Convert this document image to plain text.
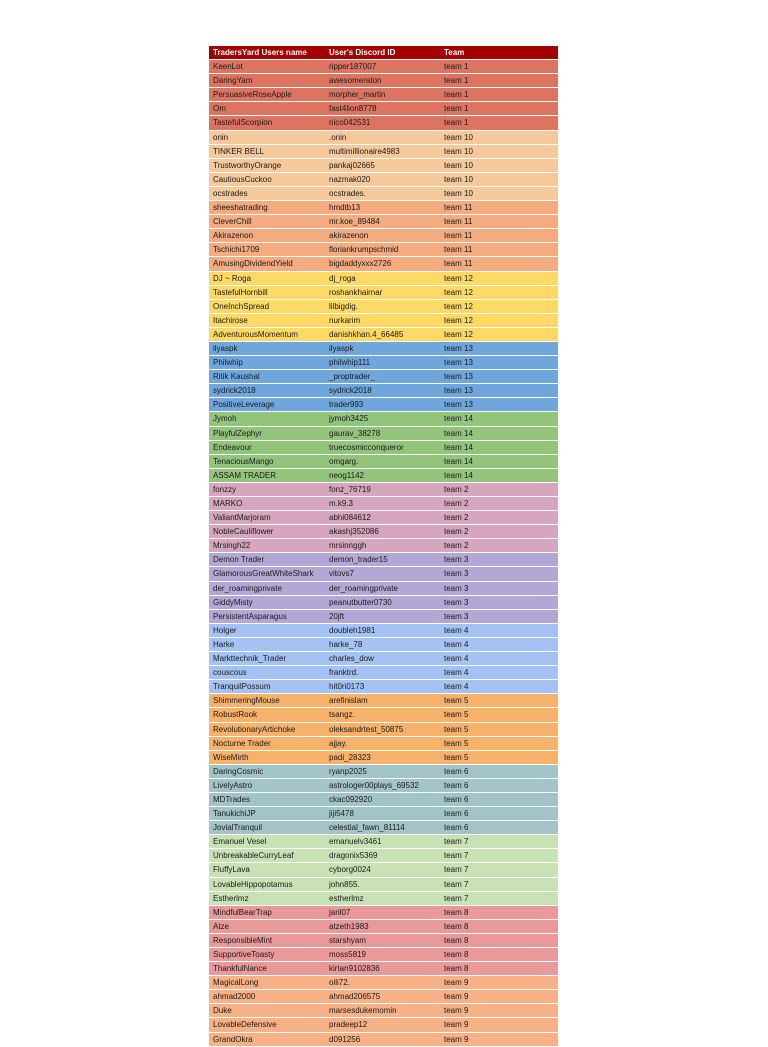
TradersYard Users name	User's Discord ID	Team
KeenLot	ripper187007	team 1
DaringYam	awesomeraton	team 1
PersuasiveRoseApple	morpher_martin	team 1
Om	fast4lion8778	team 1
TastefulScorpion	nico042531	team 1
onin	.onin	team 10
TINKER BELL	multimillionaire4983	team 10
TrustworthyOrange	pankaj02665	team 10
CautiousCuckoo	nazmak020	team 10
ocstrades	ocstrades.	team 10
sheeshatrading	hmdtb13	team 11
CleverChill	mr.koe_89484	team 11
Akirazenon	akirazenon	team 11
Tschichi1709	floriankrumpschmid	team 11
AmusingDividendYield	bigdaddyxxx2726	team 11
DJ ~ Roga	dj_roga	team 12
TastefulHornbill	roshankhairnar	team 12
OneInchSpread	lilbigdig.	team 12
Itachirose	nurkarim	team 12
AdventurousMomentum	danishkhan.4_66485	team 12
ilyaspk	ilyaspk	team 13
Philwhip	philwhip111	team 13
Ritik Kaushal	_proptrader_	team 13
sydrick2018	sydrick2018	team 13
PositiveLeverage	trader993	team 13
Jymoh	jymoh3425	team 14
PlayfulZephyr	gaurav_38278	team 14
Endeavour	truecosmicconqueror	team 14
TenaciousMango	omgarg.	team 14
ASSAM TRADER	neog1142	team 14
fonzzy	fonz_76719	team 2
MARKO	m.k9.3	team 2
ValiantMarjoram	abhi084612	team 2
NobleCauliflower	akashj352086	team 2
Mrsingh22	mrsinnggh	team 2
Demon Trader	demon_trader15	team 3
GlamorousGreatWhiteShark	vitovs7	team 3
der_roamingprivate	der_roamingprivate	team 3
GiddyMisty	peanutbutter0730	team 3
PersistentAsparagus	20jft	team 3
Holger	doubleh1981	team 4
Harke	harke_78	team 4
Markttechnik_Trader	charles_dow	team 4
couscous	franktrd.	team 4
TranquilPossum	hit0ri0173	team 4
ShimmeringMouse	arefinislam	team 5
RobustRook	tsangz.	team 5
RevolutionaryArtichoke	oleksandrtest_50875	team 5
Nocturne Trader	ajjay.	team 5
WiseMirth	padi_28323	team 5
DaringCosmic	ryanp2025	team 6
LivelyAstro	astrologer00plays_69532	team 6
MDTrades	ckac092920	team 6
TanukichiJP	jiji5478	team 6
JovialTranquil	celestial_fawn_81114	team 6
Emanuel Vesel	emanuelv3461	team 7
UnbreakableCurryLeaf	dragonix5369	team 7
FluffyLava	cyborg0024	team 7
LovableHippopotamus	john855.	team 7
Estherlmz	estherlmz	team 7
MindfulBearTrap	jaril07	team 8
Atze	atzeth1983	team 8
ResponsibleMint	starshyam	team 8
SupportiveToasty	moss5819	team 8
ThankfulNance	kirtan9102836	team 8
MagicalLong	oili72.	team 9
ahmad2000	ahmad206575	team 9
Duke	marsesdukemomin	team 9
LovableDefensive	pradeep12	team 9
GrandOkra	d091256	team 9
